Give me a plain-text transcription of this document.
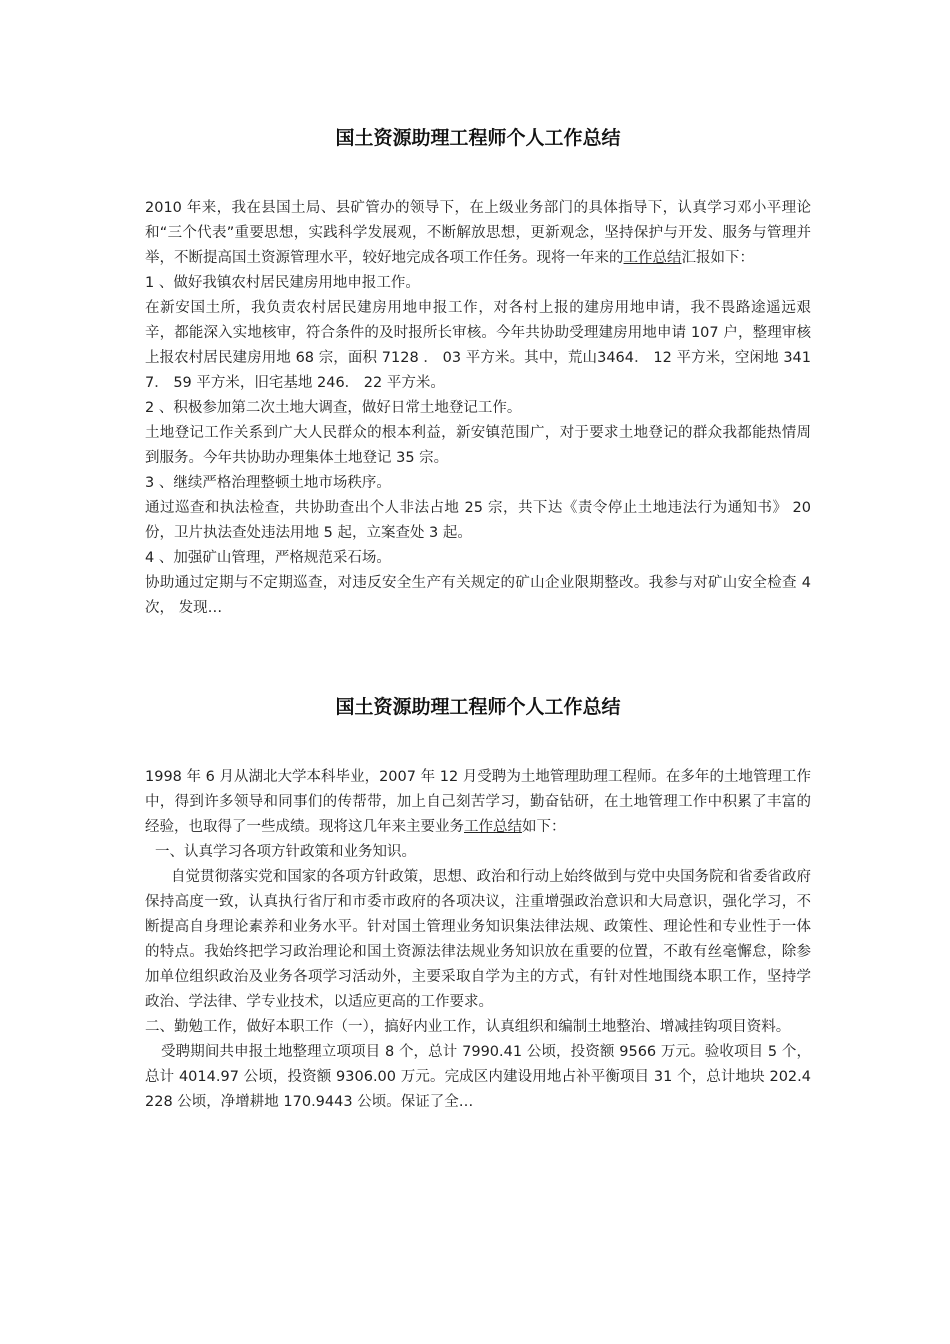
国土资源助理工程师个人工作总结

2010 年来，我在县国土局、县矿管办的领导下，在上级业务部门的具体指导下，认真学习邓小平理论和“三个代表”重要思想，实践科学发展观，不断解放思想，更新观念，坚持保护与开发、服务与管理并举，不断提高国土资源管理水平，较好地完成各项工作任务。现将一年来的工作总结汇报如下：

1 、做好我镇农村居民建房用地申报工作。

在新安国土所，我负责农村居民建房用地申报工作，对各村上报的建房用地申请，我不畏路途遥远艰辛，都能深入实地核审，符合条件的及时报所长审核。今年共协助受理建房用地申请 107 户，整理审核上报农村居民建房用地 68 宗，面积 7128 ． 03 平方米。其中，荒山3464． 12 平方米，空闲地 3417． 59 平方米，旧宅基地 246． 22 平方米。

2 、积极参加第二次土地大调查，做好日常土地登记工作。

土地登记工作关系到广大人民群众的根本利益，新安镇范围广，对于要求土地登记的群众我都能热情周到服务。今年共协助办理集体土地登记 35 宗。

3 、继续严格治理整顿土地市场秩序。

通过巡查和执法检查，共协助查出个人非法占地 25 宗，共下达《责令停止土地违法行为通知书》 20 份，卫片执法查处违法用地 5 起，立案查处 3 起。

4 、加强矿山管理，严格规范采石场。

协助通过定期与不定期巡查，对违反安全生产有关规定的矿山企业限期整改。我参与对矿山安全检查 4 次， 发现…

国土资源助理工程师个人工作总结

1998 年 6 月从湖北大学本科毕业，2007 年 12 月受聘为土地管理助理工程师。在多年的土地管理工作中，得到许多领导和同事们的传帮带，加上自己刻苦学习，勤奋钻研，在土地管理工作中积累了丰富的经验，也取得了一些成绩。现将这几年来主要业务工作总结如下：

一、认真学习各项方针政策和业务知识。

自觉贯彻落实党和国家的各项方针政策，思想、政治和行动上始终做到与党中央国务院和省委省政府保持高度一致，认真执行省厅和市委市政府的各项决议，注重增强政治意识和大局意识，强化学习，不断提高自身理论素养和业务水平。针对国土管理业务知识集法律法规、政策性、理论性和专业性于一体的特点。我始终把学习政治理论和国土资源法律法规业务知识放在重要的位置，不敢有丝毫懈怠，除参加单位组织政治及业务各项学习活动外，主要采取自学为主的方式，有针对性地围绕本职工作，坚持学政治、学法律、学专业技术，以适应更高的工作要求。

二、勤勉工作，做好本职工作（一），搞好内业工作，认真组织和编制土地整治、增减挂钩项目资料。

受聘期间共申报土地整理立项项目 8 个，总计 7990.41 公顷，投资额 9566 万元。验收项目 5 个，总计 4014.97 公顷，投资额 9306.00 万元。完成区内建设用地占补平衡项目 31 个，总计地块 202.4228 公顷，净增耕地 170.9443 公顷。保证了全…
